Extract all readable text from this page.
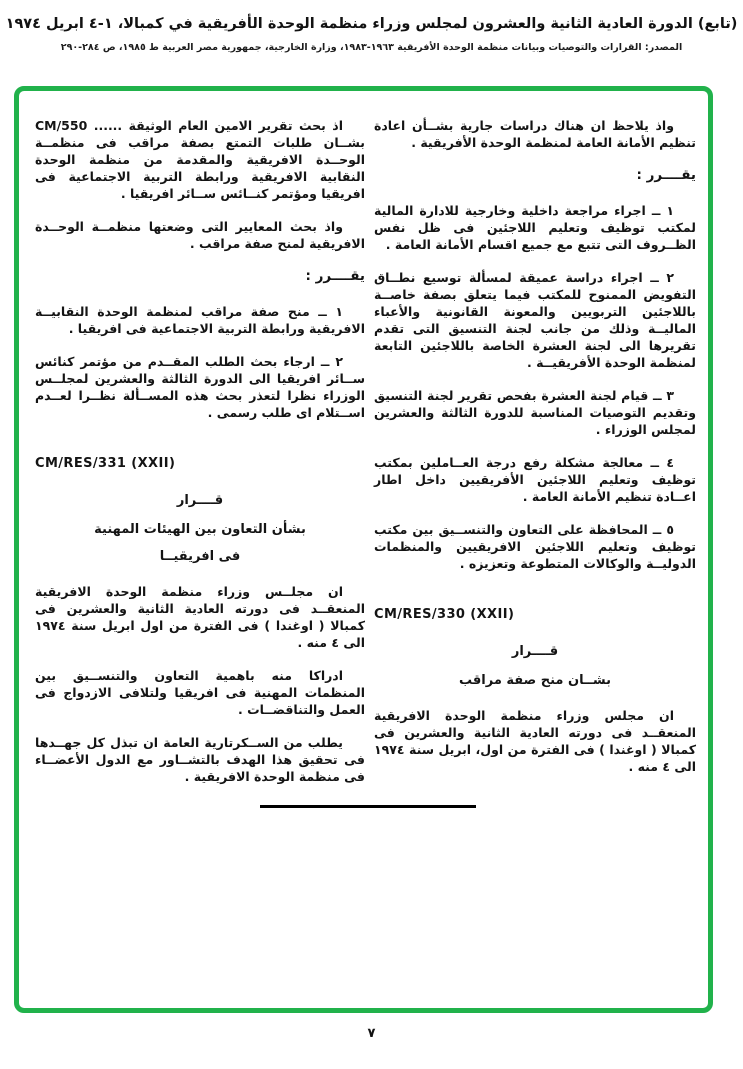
(تابع) الدورة العادية الثانية والعشرون لمجلس وزراء منظمة الوحدة الأفريقية في كمبالا، ١-٤ ابريل ١٩٧٤
المصدر: القرارات والتوصيات وبيانات منظمة الوحدة الأفريقية ١٩٦٣-١٩٨٣، وزارة الخارجية، جمهورية مصر العربية ط ١٩٨٥، ص ٢٨٤-٢٩٠

واذ يلاحظ ان هناك دراسات جارية بشــأن اعادة تنظيم الأمانة العامة لمنظمة الوحدة الأفريقية .

يقــــرر :

١ ــ اجراء مراجعة داخلية وخارجية للادارة المالية لمكتب توظيف وتعليم اللاجئين فى ظل نفس الظــروف التى تتبع مع جميع اقسام الأمانة العامة .

٢ ــ اجراء دراسة عميقة لمسألة توسيع نطــاق التفويض الممنوح للمكتب فيما يتعلق بصفة خاصــة باللاجئين التربويين والمعونة القانونية والأعباء الماليــة وذلك من جانب لجنة التنسيق التى تقدم تقريرها الى لجنة العشرة الخاصة باللاجئين التابعة لمنظمة الوحدة الأفريقيــة .

٣ ــ قيام لجنة العشرة بفحص تقرير لجنة التنسيق وتقديم التوصيات المناسبة للدورة الثالثة والعشرين لمجلس الوزراء .

٤ ــ معالجة مشكلة رفع درجة العــاملين بمكتب توظيف وتعليم اللاجئين الأفريقيين داخل اطار اعــادة تنظيم الأمانة العامة .

٥ ــ المحافظة على التعاون والتنســيق بين مكتب توظيف وتعليم اللاجئين الافريقيين والمنظمات الدوليــة والوكالات المتطوعة وتعزيزه .

CM/RES/330 (XXII)

قــــرار

بشــان منح صفة مراقب

ان مجلس وزراء منظمة الوحدة الافريقية المنعقــد فى دورته العادية الثانية والعشرين فى كمبالا ( اوغندا ) فى الفترة من اول، ابريل سنة ١٩٧٤ الى ٤ منه .

اذ بحث تقرير الامين العام الوثيقة ...... CM/550 بشــان طلبات التمتع بصفة مراقب فى منظمــة الوحــدة الافريقية والمقدمة من منظمة الوحدة النقابية الافريقية ورابطة التربية الاجتماعية فى افريقيا ومؤتمر كنــائس ســائر افريقيا .

واذ بحث المعايير التى وضعتها منظمــة الوحــدة الافريقية لمنح صفة مراقب .

يقــــرر :

١ ــ منح صفة مراقب لمنظمة الوحدة النقابيــة الافريقية ورابطة التربية الاجتماعية فى افريقيا .

٢ ــ ارجاء بحث الطلب المقــدم من مؤتمر كنائس ســائر افريقيا الى الدورة الثالثة والعشرين لمجلــس الوزراء نظرا لتعذر بحث هذه المســألة نظــرا لعــدم اســتلام اى طلب رسمى .

CM/RES/331 (XXII)

قــــرار

بشأن التعاون بين الهيئات المهنية

فى افريقيــا

ان مجلــس وزراء منظمة الوحدة الافريقية المنعقــد فى دورته العادية الثانية والعشرين فى كمبالا ( اوغندا ) فى الفترة من اول ابريل سنة ١٩٧٤ الى ٤ منه .

ادراكا منه باهمية التعاون والتنســيق بين المنظمات المهنية فى افريقيا ولتلافى الازدواج فى العمل والتناقضــات .

يطلب من الســكرتارية العامة ان تبذل كل جهــدها فى تحقيق هذا الهدف بالتشــاور مع الدول الأعضــاء فى منظمة الوحدة الافريقية .

٧
